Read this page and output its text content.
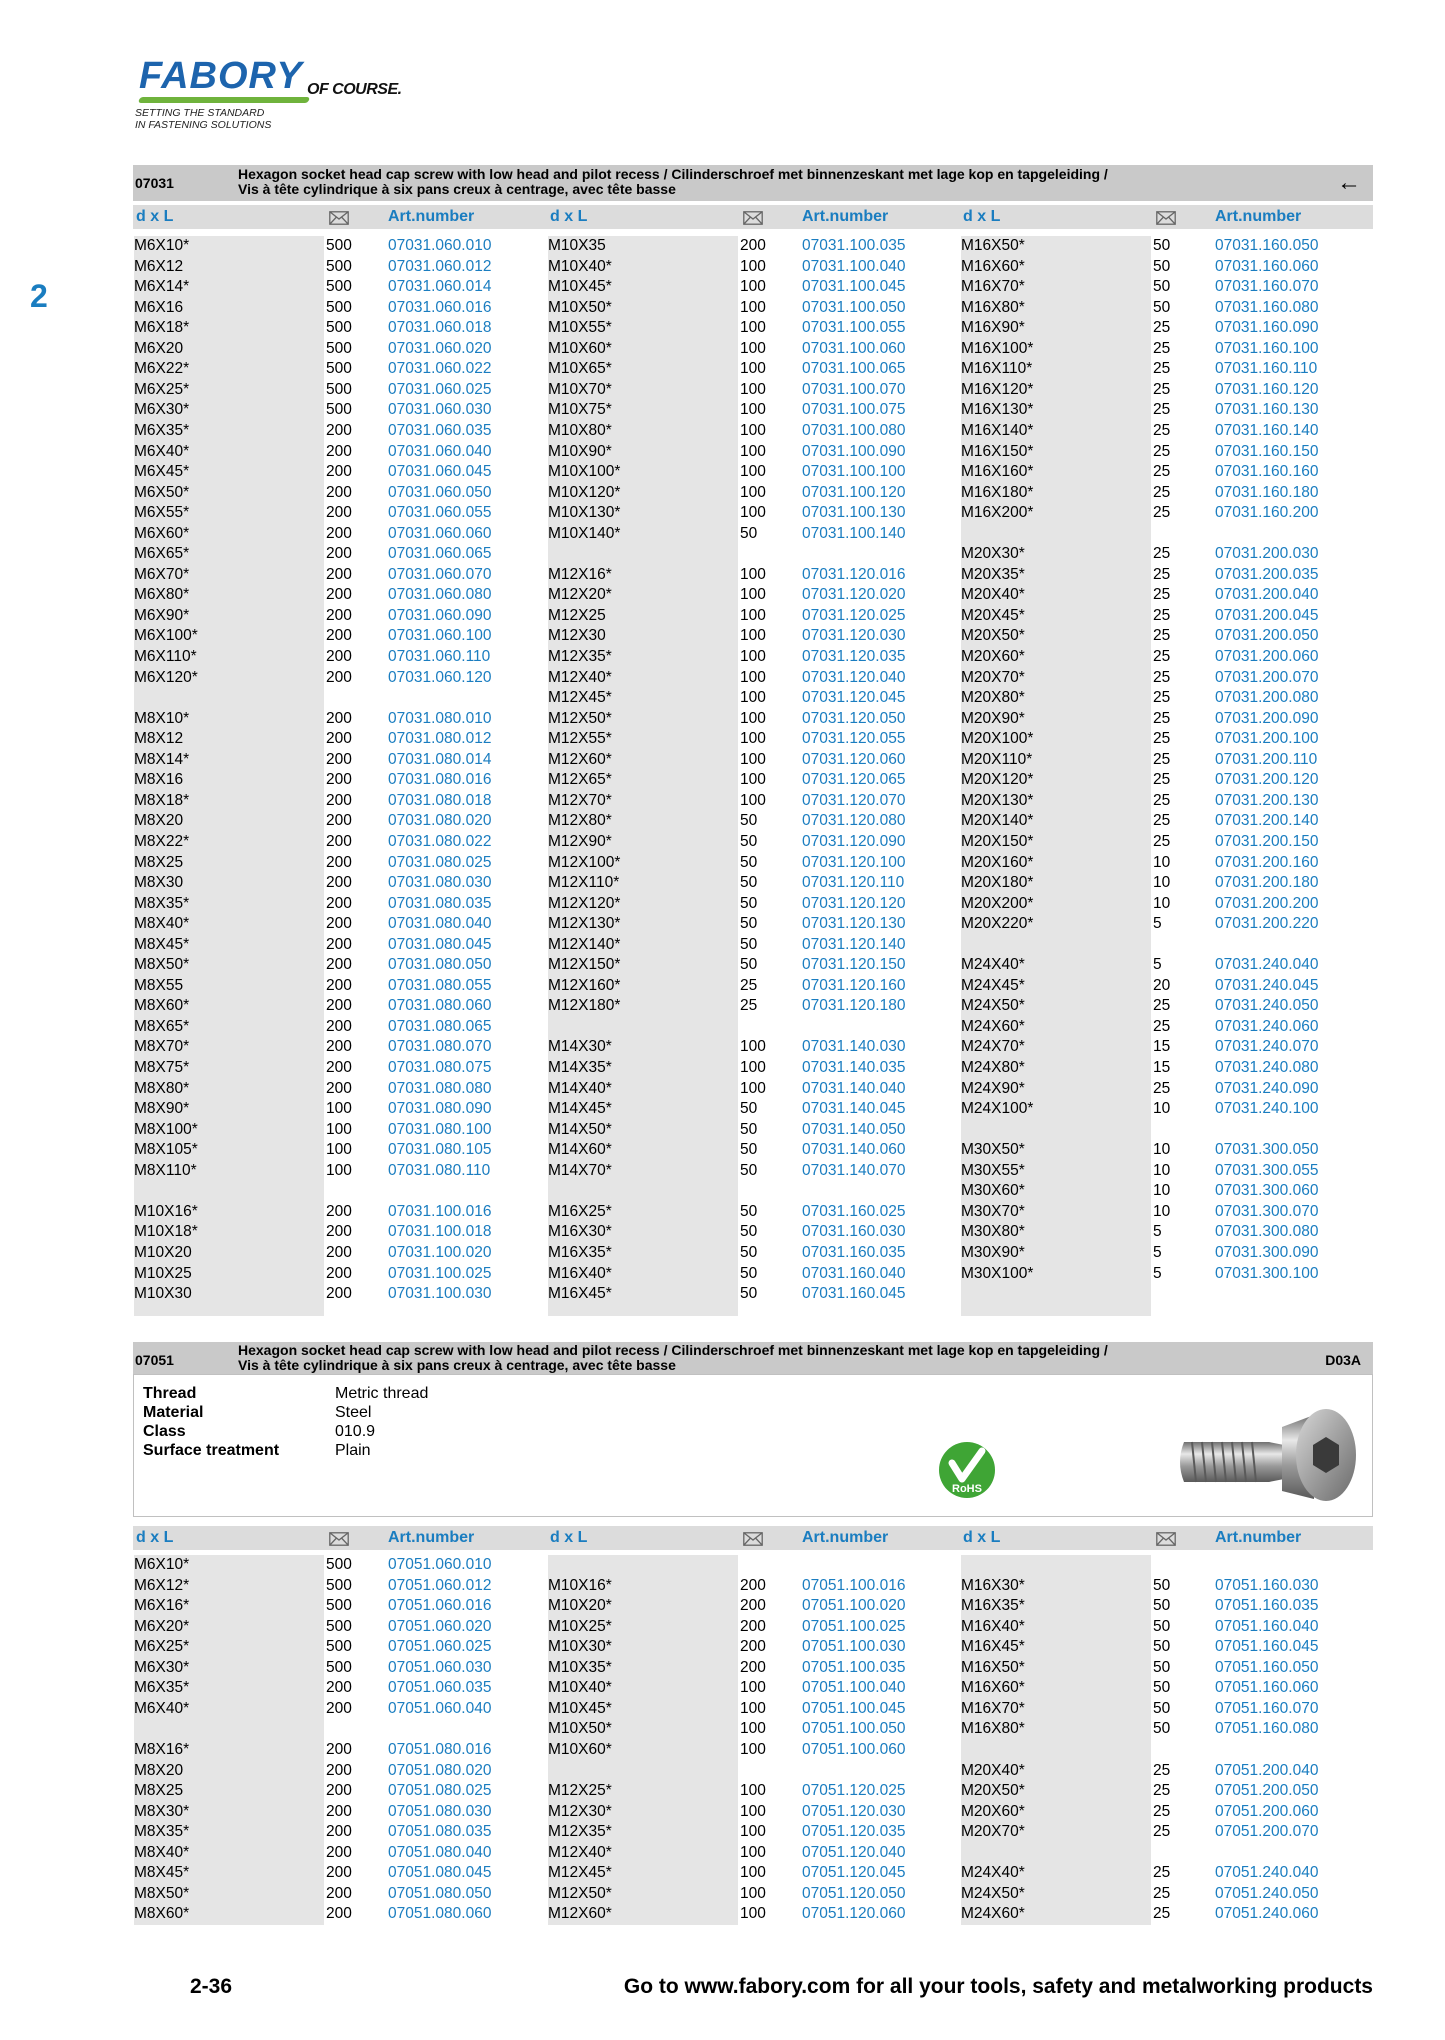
FABORY OF COURSE.
SETTING THE STANDARD
IN FASTENING SOLUTIONS
2
07031
Hexagon socket head cap screw with low head and pilot recess / Cilinderschroef met binnenzeskant met lage kop en tapgeleiding /
Vis à tête cylindrique à six pans creux à centrage, avec tête basse	←
d x L	Art.number	d x L	Art.number	d x L	Art.number
M6X10*	500 07031.060.010
M6X12	500 07031.060.012
M6X14*	500 07031.060.014
M6X16	500 07031.060.016
M6X18*	500 07031.060.018
M6X20	500 07031.060.020
M6X22*	500 07031.060.022
M6X25*	500 07031.060.025
M6X30*	500 07031.060.030
M6X35*	200 07031.060.035
M6X40*	200 07031.060.040
M6X45*	200 07031.060.045
M6X50*	200 07031.060.050
M6X55*	200 07031.060.055
M6X60*	200 07031.060.060
M6X65*	200 07031.060.065
M6X70*	200 07031.060.070
M6X80*	200 07031.060.080
M6X90*	200 07031.060.090
M6X100*	200 07031.060.100
M6X110*	200 07031.060.110
M6X120*	200 07031.060.120
M8X10*	200 07031.080.010
M8X12	200 07031.080.012
M8X14*	200 07031.080.014
M8X16	200 07031.080.016
M8X18*	200 07031.080.018
M8X20	200 07031.080.020
M8X22*	200 07031.080.022
M8X25	200 07031.080.025
M8X30	200 07031.080.030
M8X35*	200 07031.080.035
M8X40*	200 07031.080.040
M8X45*	200 07031.080.045
M8X50*	200 07031.080.050
M8X55	200 07031.080.055
M8X60*	200 07031.080.060
M8X65*	200 07031.080.065
M8X70*	200 07031.080.070
M8X75*	200 07031.080.075
M8X80*	200 07031.080.080
M8X90*	100 07031.080.090
M8X100*	100 07031.080.100
M8X105*	100 07031.080.105
M8X110*	100 07031.080.110
M10X16*	200 07031.100.016
M10X18*	200 07031.100.018
M10X20	200 07031.100.020
M10X25	200 07031.100.025
M10X30	200 07031.100.030
M10X35	200 07031.100.035
M10X40*	100 07031.100.040
M10X45*	100 07031.100.045
M10X50*	100 07031.100.050
M10X55*	100 07031.100.055
M10X60*	100 07031.100.060
M10X65*	100 07031.100.065
M10X70*	100 07031.100.070
M10X75*	100 07031.100.075
M10X80*	100 07031.100.080
M10X90*	100 07031.100.090
M10X100*	100 07031.100.100
M10X120*	100 07031.100.120
M10X130*	100 07031.100.130
M10X140*	50	07031.100.140
M12X16*	100 07031.120.016
M12X20*	100 07031.120.020
M12X25	100 07031.120.025
M12X30	100 07031.120.030
M12X35*	100 07031.120.035
M12X40*	100 07031.120.040
M12X45*	100 07031.120.045
M12X50*	100 07031.120.050
M12X55*	100 07031.120.055
M12X60*	100 07031.120.060
M12X65*	100 07031.120.065
M12X70*	100 07031.120.070
M12X80*	50	07031.120.080
M12X90*	50	07031.120.090
M12X100*	50	07031.120.100
M12X110*	50	07031.120.110
M12X120*	50	07031.120.120
M12X130*	50	07031.120.130
M12X140*	50	07031.120.140
M12X150*	50	07031.120.150
M12X160*	25	07031.120.160
M12X180*	25	07031.120.180
M14X30*	100 07031.140.030
M14X35*	100 07031.140.035
M14X40*	100 07031.140.040
M14X45*	50	07031.140.045
M14X50*	50	07031.140.050
M14X60*	50	07031.140.060
M14X70*	50	07031.140.070
M16X25*	50	07031.160.025
M16X30*	50	07031.160.030
M16X35*	50	07031.160.035
M16X40*	50	07031.160.040
M16X45*	50	07031.160.045
M16X50*	50	07031.160.050
M16X60*	50	07031.160.060
M16X70*	50	07031.160.070
M16X80*	50	07031.160.080
M16X90*	25	07031.160.090
M16X100*	25	07031.160.100
M16X110*	25	07031.160.110
M16X120*	25	07031.160.120
M16X130*	25	07031.160.130
M16X140*	25	07031.160.140
M16X150*	25	07031.160.150
M16X160*	25	07031.160.160
M16X180*	25	07031.160.180
M16X200*	25	07031.160.200
M20X30*	25	07031.200.030
M20X35*	25	07031.200.035
M20X40*	25	07031.200.040
M20X45*	25	07031.200.045
M20X50*	25	07031.200.050
M20X60*	25	07031.200.060
M20X70*	25	07031.200.070
M20X80*	25	07031.200.080
M20X90*	25	07031.200.090
M20X100*	25	07031.200.100
M20X110*	25	07031.200.110
M20X120*	25	07031.200.120
M20X130*	25	07031.200.130
M20X140*	25	07031.200.140
M20X150*	25	07031.200.150
M20X160*	10	07031.200.160
M20X180*	10	07031.200.180
M20X200*	10	07031.200.200
M20X220*	5	07031.200.220
M24X40*	5	07031.240.040
M24X45*	20	07031.240.045
M24X50*	25	07031.240.050
M24X60*	25	07031.240.060
M24X70*	15	07031.240.070
M24X80*	15	07031.240.080
M24X90*	25	07031.240.090
M24X100*	10	07031.240.100
M30X50*	10	07031.300.050
M30X55*	10	07031.300.055
M30X60*	10	07031.300.060
M30X70*	10	07031.300.070
M30X80*	5	07031.300.080
M30X90*	5	07031.300.090
M30X100*	5	07031.300.100
07051
Hexagon socket head cap screw with low head and pilot recess / Cilinderschroef met binnenzeskant met lage kop en tapgeleiding /
Vis à tête cylindrique à six pans creux à centrage, avec tête basse	D03A
Thread	Metric thread
Material	Steel
Class	010.9
Surface treatment	Plain
RoHS
d x L	Art.number	d x L	Art.number	d x L	Art.number
M6X10*	500 07051.060.010
M6X12*	500 07051.060.012
M6X16*	500 07051.060.016
M6X20*	500 07051.060.020
M6X25*	500 07051.060.025
M6X30*	500 07051.060.030
M6X35*	200 07051.060.035
M6X40*	200 07051.060.040
M8X16*	200 07051.080.016
M8X20	200 07051.080.020
M8X25	200 07051.080.025
M8X30*	200 07051.080.030
M8X35*	200 07051.080.035
M8X40*	200 07051.080.040
M8X45*	200 07051.080.045
M8X50*	200 07051.080.050
M8X60*	200 07051.080.060
M10X16*	200 07051.100.016
M10X20*	200 07051.100.020
M10X25*	200 07051.100.025
M10X30*	200 07051.100.030
M10X35*	200 07051.100.035
M10X40*	100 07051.100.040
M10X45*	100 07051.100.045
M10X50*	100 07051.100.050
M10X60*	100 07051.100.060
M12X25*	100 07051.120.025
M12X30*	100 07051.120.030
M12X35*	100 07051.120.035
M12X40*	100 07051.120.040
M12X45*	100 07051.120.045
M12X50*	100 07051.120.050
M12X60*	100 07051.120.060
M16X30*	50	07051.160.030
M16X35*	50	07051.160.035
M16X40*	50	07051.160.040
M16X45*	50	07051.160.045
M16X50*	50	07051.160.050
M16X60*	50	07051.160.060
M16X70*	50	07051.160.070
M16X80*	50	07051.160.080
M20X40*	25	07051.200.040
M20X50*	25	07051.200.050
M20X60*	25	07051.200.060
M20X70*	25	07051.200.070
M24X40*	25	07051.240.040
M24X50*	25	07051.240.050
M24X60*	25	07051.240.060
2-36	Go to www.fabory.com for all your tools, safety and metalworking products
